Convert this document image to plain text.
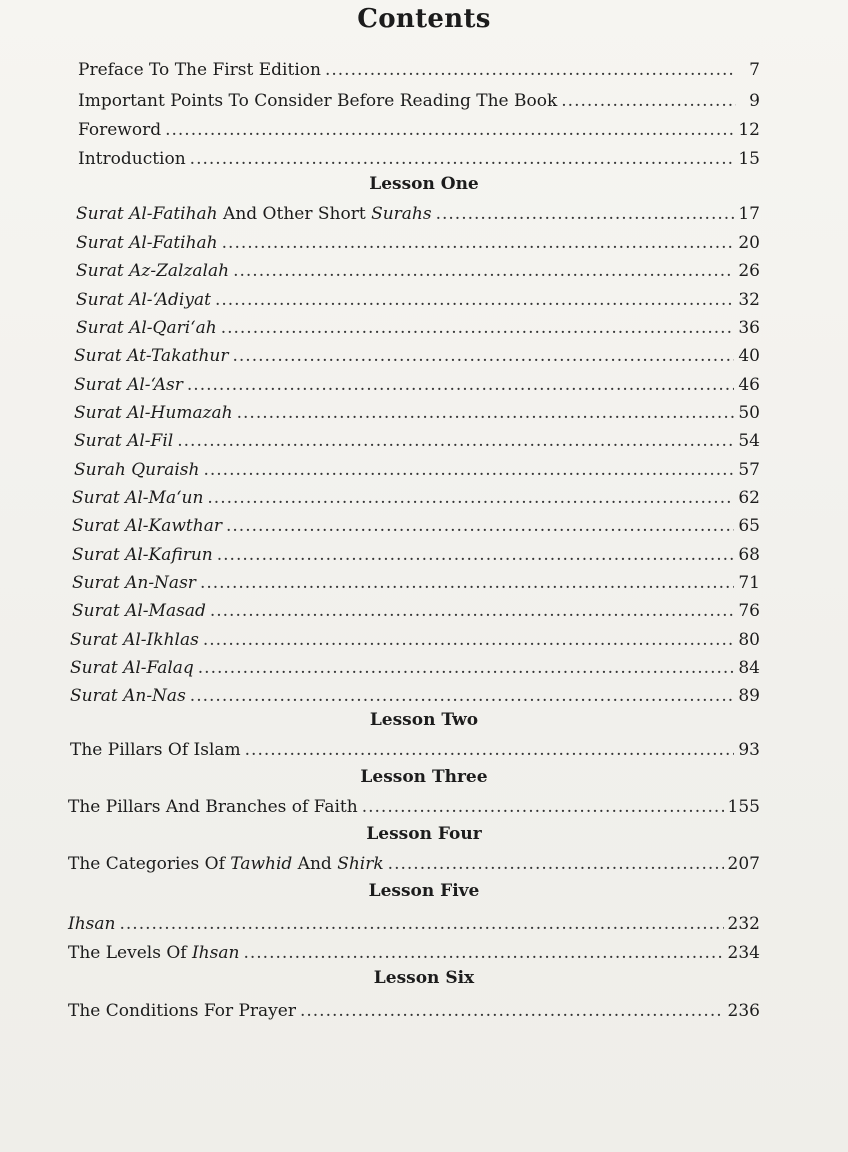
Contents
Preface To The First Edition .....	7
Important Points To Consider Before Reading The Book .....	9
Foreword .....	12
Introduction .....	15
Lesson One
Surat Al-Fatihah And Other Short Surahs .....	17
Surat Al-Fatihah .....	20
Surat Az-Zalzalah .....	26
Surat Al-‘Adiyat .....	32
Surat Al-Qari‘ah .....	36
Surat At-Takathur .....	40
Surat Al-‘Asr .....	46
Surat Al-Humazah .....	50
Surat Al-Fil .....	54
Surah Quraish .....	57
Surat Al-Ma‘un .....	62
Surat Al-Kawthar .....	65
Surat Al-Kafirun .....	68
Surat An-Nasr .....	71
Surat Al-Masad .....	76
Surat Al-Ikhlas .....	80
Surat Al-Falaq .....	84
Surat An-Nas .....	89
Lesson Two
The Pillars Of Islam .....	93
Lesson Three
The Pillars And Branches of Faith .....	155
Lesson Four
The Categories Of Tawhid And Shirk .....	207
Lesson Five
Ihsan .....	232
The Levels Of Ihsan .....	234
Lesson Six
The Conditions For Prayer .....	236
